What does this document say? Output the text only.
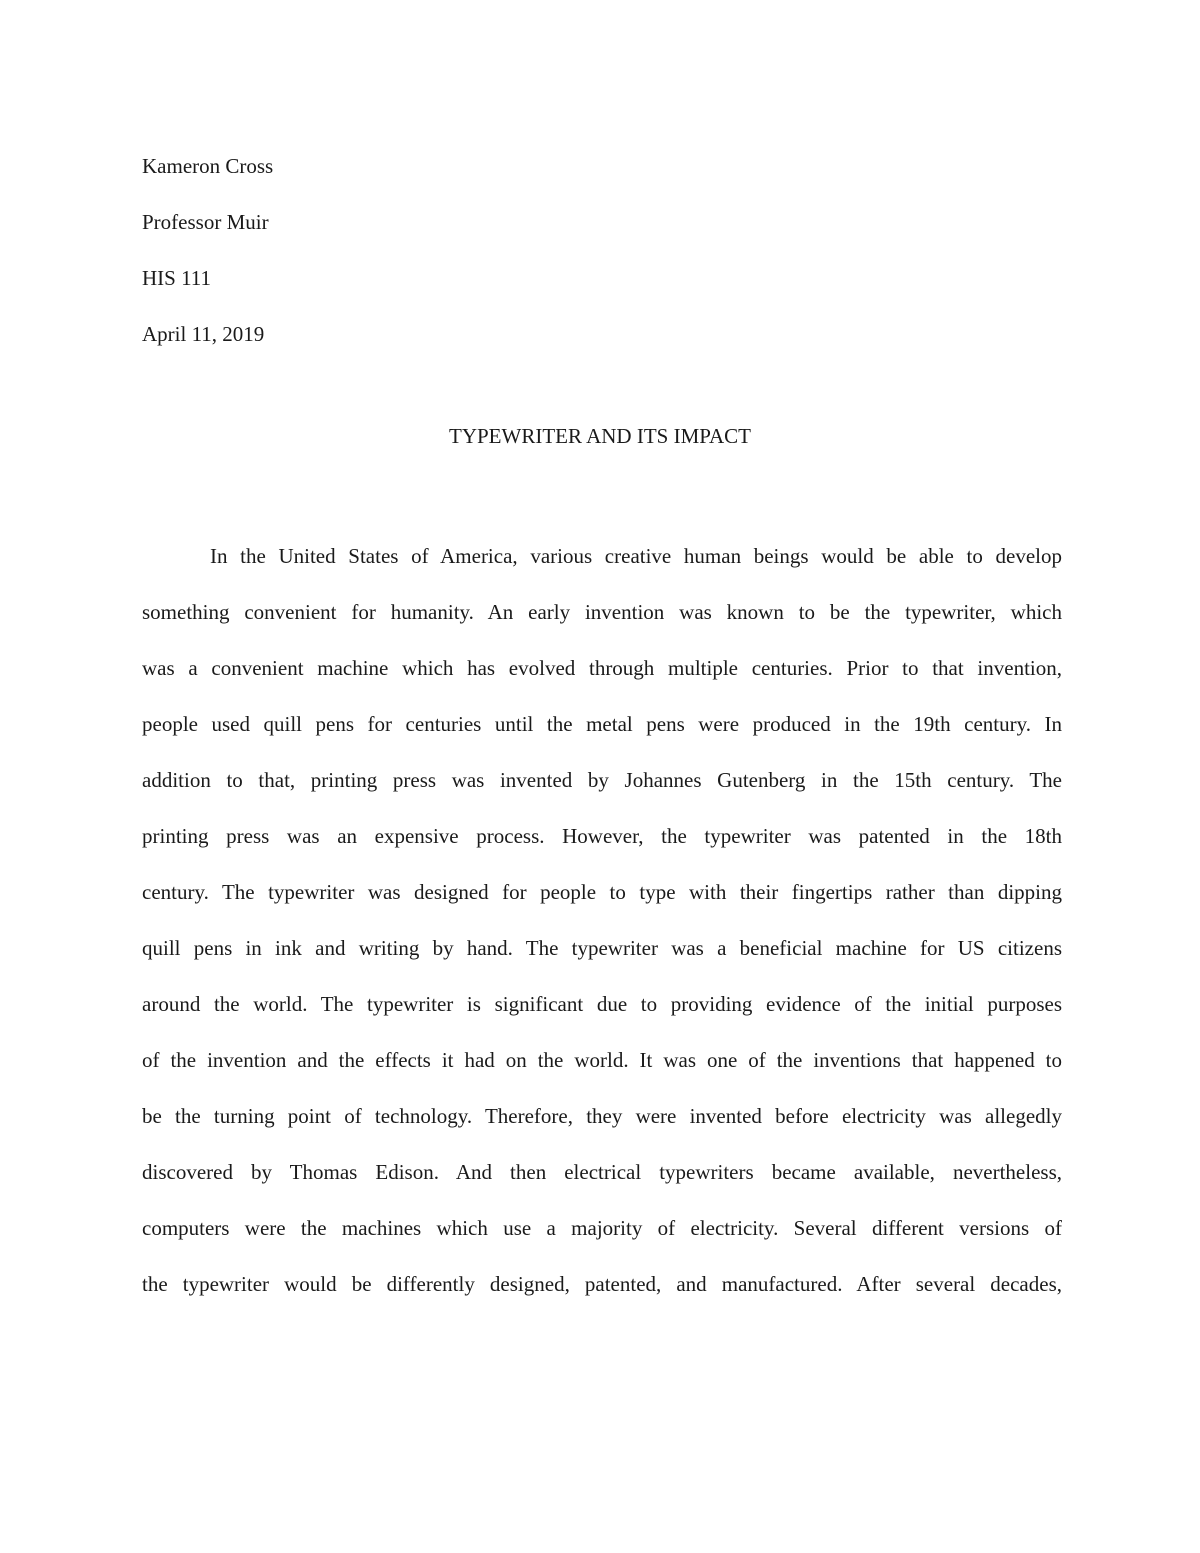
Kameron Cross
Professor Muir
HIS 111
April 11, 2019
TYPEWRITER AND ITS IMPACT
In the United States of America, various creative human beings would be able to develop
something convenient for humanity. An early invention was known to be the typewriter, which
was a convenient machine which has evolved through multiple centuries. Prior to that invention,
people used quill pens for centuries until the metal pens were produced in the 19th century. In
addition to that, printing press was invented by Johannes Gutenberg in the 15th century. The
printing press was an expensive process. However, the typewriter was patented in the 18th
century. The typewriter was designed for people to type with their fingertips rather than dipping
quill pens in ink and writing by hand. The typewriter was a beneficial machine for US citizens
around the world. The typewriter is significant due to providing evidence of the initial purposes
of the invention and the effects it had on the world. It was one of the inventions that happened to
be the turning point of technology. Therefore, they were invented before electricity was allegedly
discovered by Thomas Edison. And then electrical typewriters became available, nevertheless,
computers were the machines which use a majority of electricity. Several different versions of
the typewriter would be differently designed, patented, and manufactured. After several decades,
